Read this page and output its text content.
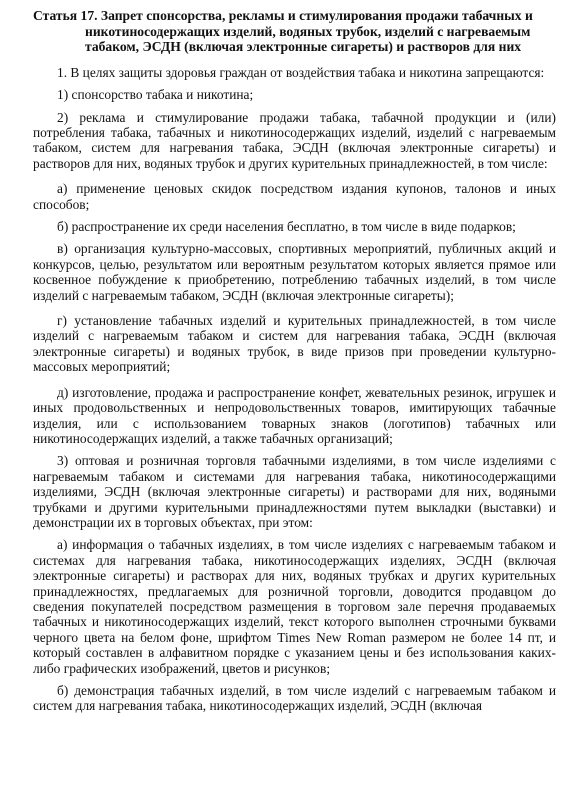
Статья 17. Запрет спонсорства, рекламы и стимулирования продажи табачных и никотиносодержащих изделий, водяных трубок, изделий с нагреваемым табаком, ЭСДН (включая электронные сигареты) и растворов для них

1. В целях защиты здоровья граждан от воздействия табака и никотина запрещаются:

1) спонсорство табака и никотина;

2) реклама и стимулирование продажи табака, табачной продукции и (или) потребления табака, табачных и никотиносодержащих изделий, изделий с нагреваемым табаком, систем для нагревания табака, ЭСДН (включая электронные сигареты) и растворов для них, водяных трубок и других курительных принадлежностей, в том числе:

а) применение ценовых скидок посредством издания купонов, талонов и иных способов;

б) распространение их среди населения бесплатно, в том числе в виде подарков;

в) организация культурно-массовых, спортивных мероприятий, публичных акций и конкурсов, целью, результатом или вероятным результатом которых является прямое или косвенное побуждение к приобретению, потреблению табачных изделий, в том числе изделий с нагреваемым табаком, ЭСДН (включая электронные сигареты);

г) установление табачных изделий и курительных принадлежностей, в том числе изделий с нагреваемым табаком и систем для нагревания табака, ЭСДН (включая электронные сигареты) и водяных трубок, в виде призов при проведении культурно-массовых мероприятий;

д) изготовление, продажа и распространение конфет, жевательных резинок, игрушек и иных продовольственных и непродовольственных товаров, имитирующих табачные изделия, или с использованием товарных знаков (логотипов) табачных или никотиносодержащих изделий, а также табачных организаций;

3) оптовая и розничная торговля табачными изделиями, в том числе изделиями с нагреваемым табаком и системами для нагревания табака, никотиносодержащими изделиями, ЭСДН (включая электронные сигареты) и растворами для них, водяными трубками и другими курительными принадлежностями путем выкладки (выставки) и демонстрации их в торговых объектах, при этом:

а) информация о табачных изделиях, в том числе изделиях с нагреваемым табаком и системах для нагревания табака, никотиносодержащих изделиях, ЭСДН (включая электронные сигареты) и растворах для них, водяных трубках и других курительных принадлежностях, предлагаемых для розничной торговли, доводится продавцом до сведения покупателей посредством размещения в торговом зале перечня продаваемых табачных и никотиносодержащих изделий, текст которого выполнен строчными буквами черного цвета на белом фоне, шрифтом Times New Roman размером не более 14 пт, и который составлен в алфавитном порядке с указанием цены и без использования каких-либо графических изображений, цветов и рисунков;

б) демонстрация табачных изделий, в том числе изделий с нагреваемым табаком и систем для нагревания табака, никотиносодержащих изделий, ЭСДН (включая
